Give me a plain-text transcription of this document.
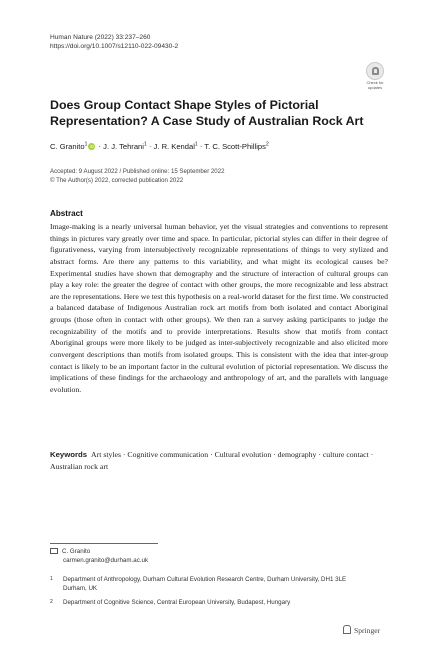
Human Nature (2022) 33:237–260
https://doi.org/10.1007/s12110-022-09430-2
Check for
updates
Does Group Contact Shape Styles of Pictorial Representation? A Case Study of Australian Rock Art
C. Granito$^1$ iD · J. J. Tehrani$^1$ · J. R. Kendal$^1$ · T. C. Scott-Phillips$^2$
Accepted: 9 August 2022 / Published online: 15 September 2022
© The Author(s) 2022, corrected publication 2022
Abstract

Image-making is a nearly universal human behavior, yet the visual strategies and conventions to represent things in pictures vary greatly over time and space. In particular, pictorial styles can differ in their degree of figurativeness, varying from intersubjectively recognizable representations of things to very stylized and abstract forms. Are there any patterns to this variability, and what might its ecological causes be? Experimental studies have shown that demography and the structure of interaction of cultural groups can play a key role: the greater the degree of contact with other groups, the more recognizable and less abstract are the representations. Here we test this hypothesis on a real-world dataset for the first time. We constructed a balanced database of Indigenous Australian rock art motifs from both isolated and contact Aboriginal groups (those often in contact with other groups). We then ran a survey asking participants to judge the recognizability of the motifs and to provide interpretations. Results show that motifs from contact Aboriginal groups were more likely to be judged as inter-subjectively recognizable and also elicited more convergent descriptions than motifs from isolated groups. This is consistent with the idea that inter-group contact is likely to be an important factor in the cultural evolution of pictorial representation. We discuss the implications of these findings for the archaeology and anthropology of art, and the parallels with language evolution.

Keywords Art styles · Cognitive communication · Cultural evolution · demography · culture contact · Australian rock art

C. Granito
carmen.granito@durham.ac.uk
1	Department of Anthropology, Durham Cultural Evolution Research Centre, Durham University, DH1 3LE Durham, UK
2	Department of Cognitive Science, Central European University, Budapest, Hungary
Springer
